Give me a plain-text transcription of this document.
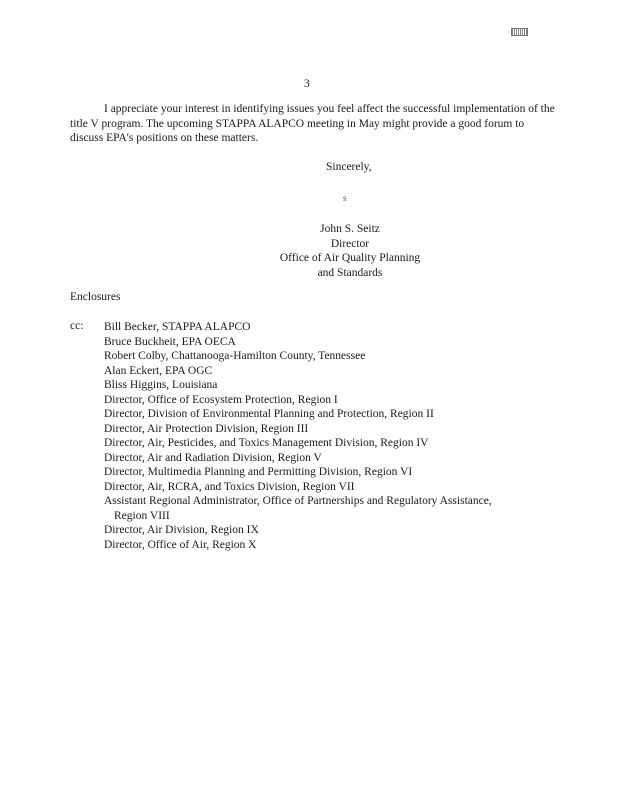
3
I appreciate your interest in identifying issues you feel affect the successful implementation of the title V program. The upcoming STAPPA ALAPCO meeting in May might provide a good forum to discuss EPA's positions on these matters.
Sincerely,
s
John S. Seitz
Director
Office of Air Quality Planning
and Standards
Enclosures
cc: Bill Becker, STAPPA ALAPCO
Bruce Buckheit, EPA OECA
Robert Colby, Chattanooga-Hamilton County, Tennessee
Alan Eckert, EPA OGC
Bliss Higgins, Louisiana
Director, Office of Ecosystem Protection, Region I
Director, Division of Environmental Planning and Protection, Region II
Director, Air Protection Division, Region III
Director, Air, Pesticides, and Toxics Management Division, Region IV
Director, Air and Radiation Division, Region V
Director, Multimedia Planning and Permitting Division, Region VI
Director, Air, RCRA, and Toxics Division, Region VII
Assistant Regional Administrator, Office of Partnerships and Regulatory Assistance,
Region VIII
Director, Air Division, Region IX
Director, Office of Air, Region X
